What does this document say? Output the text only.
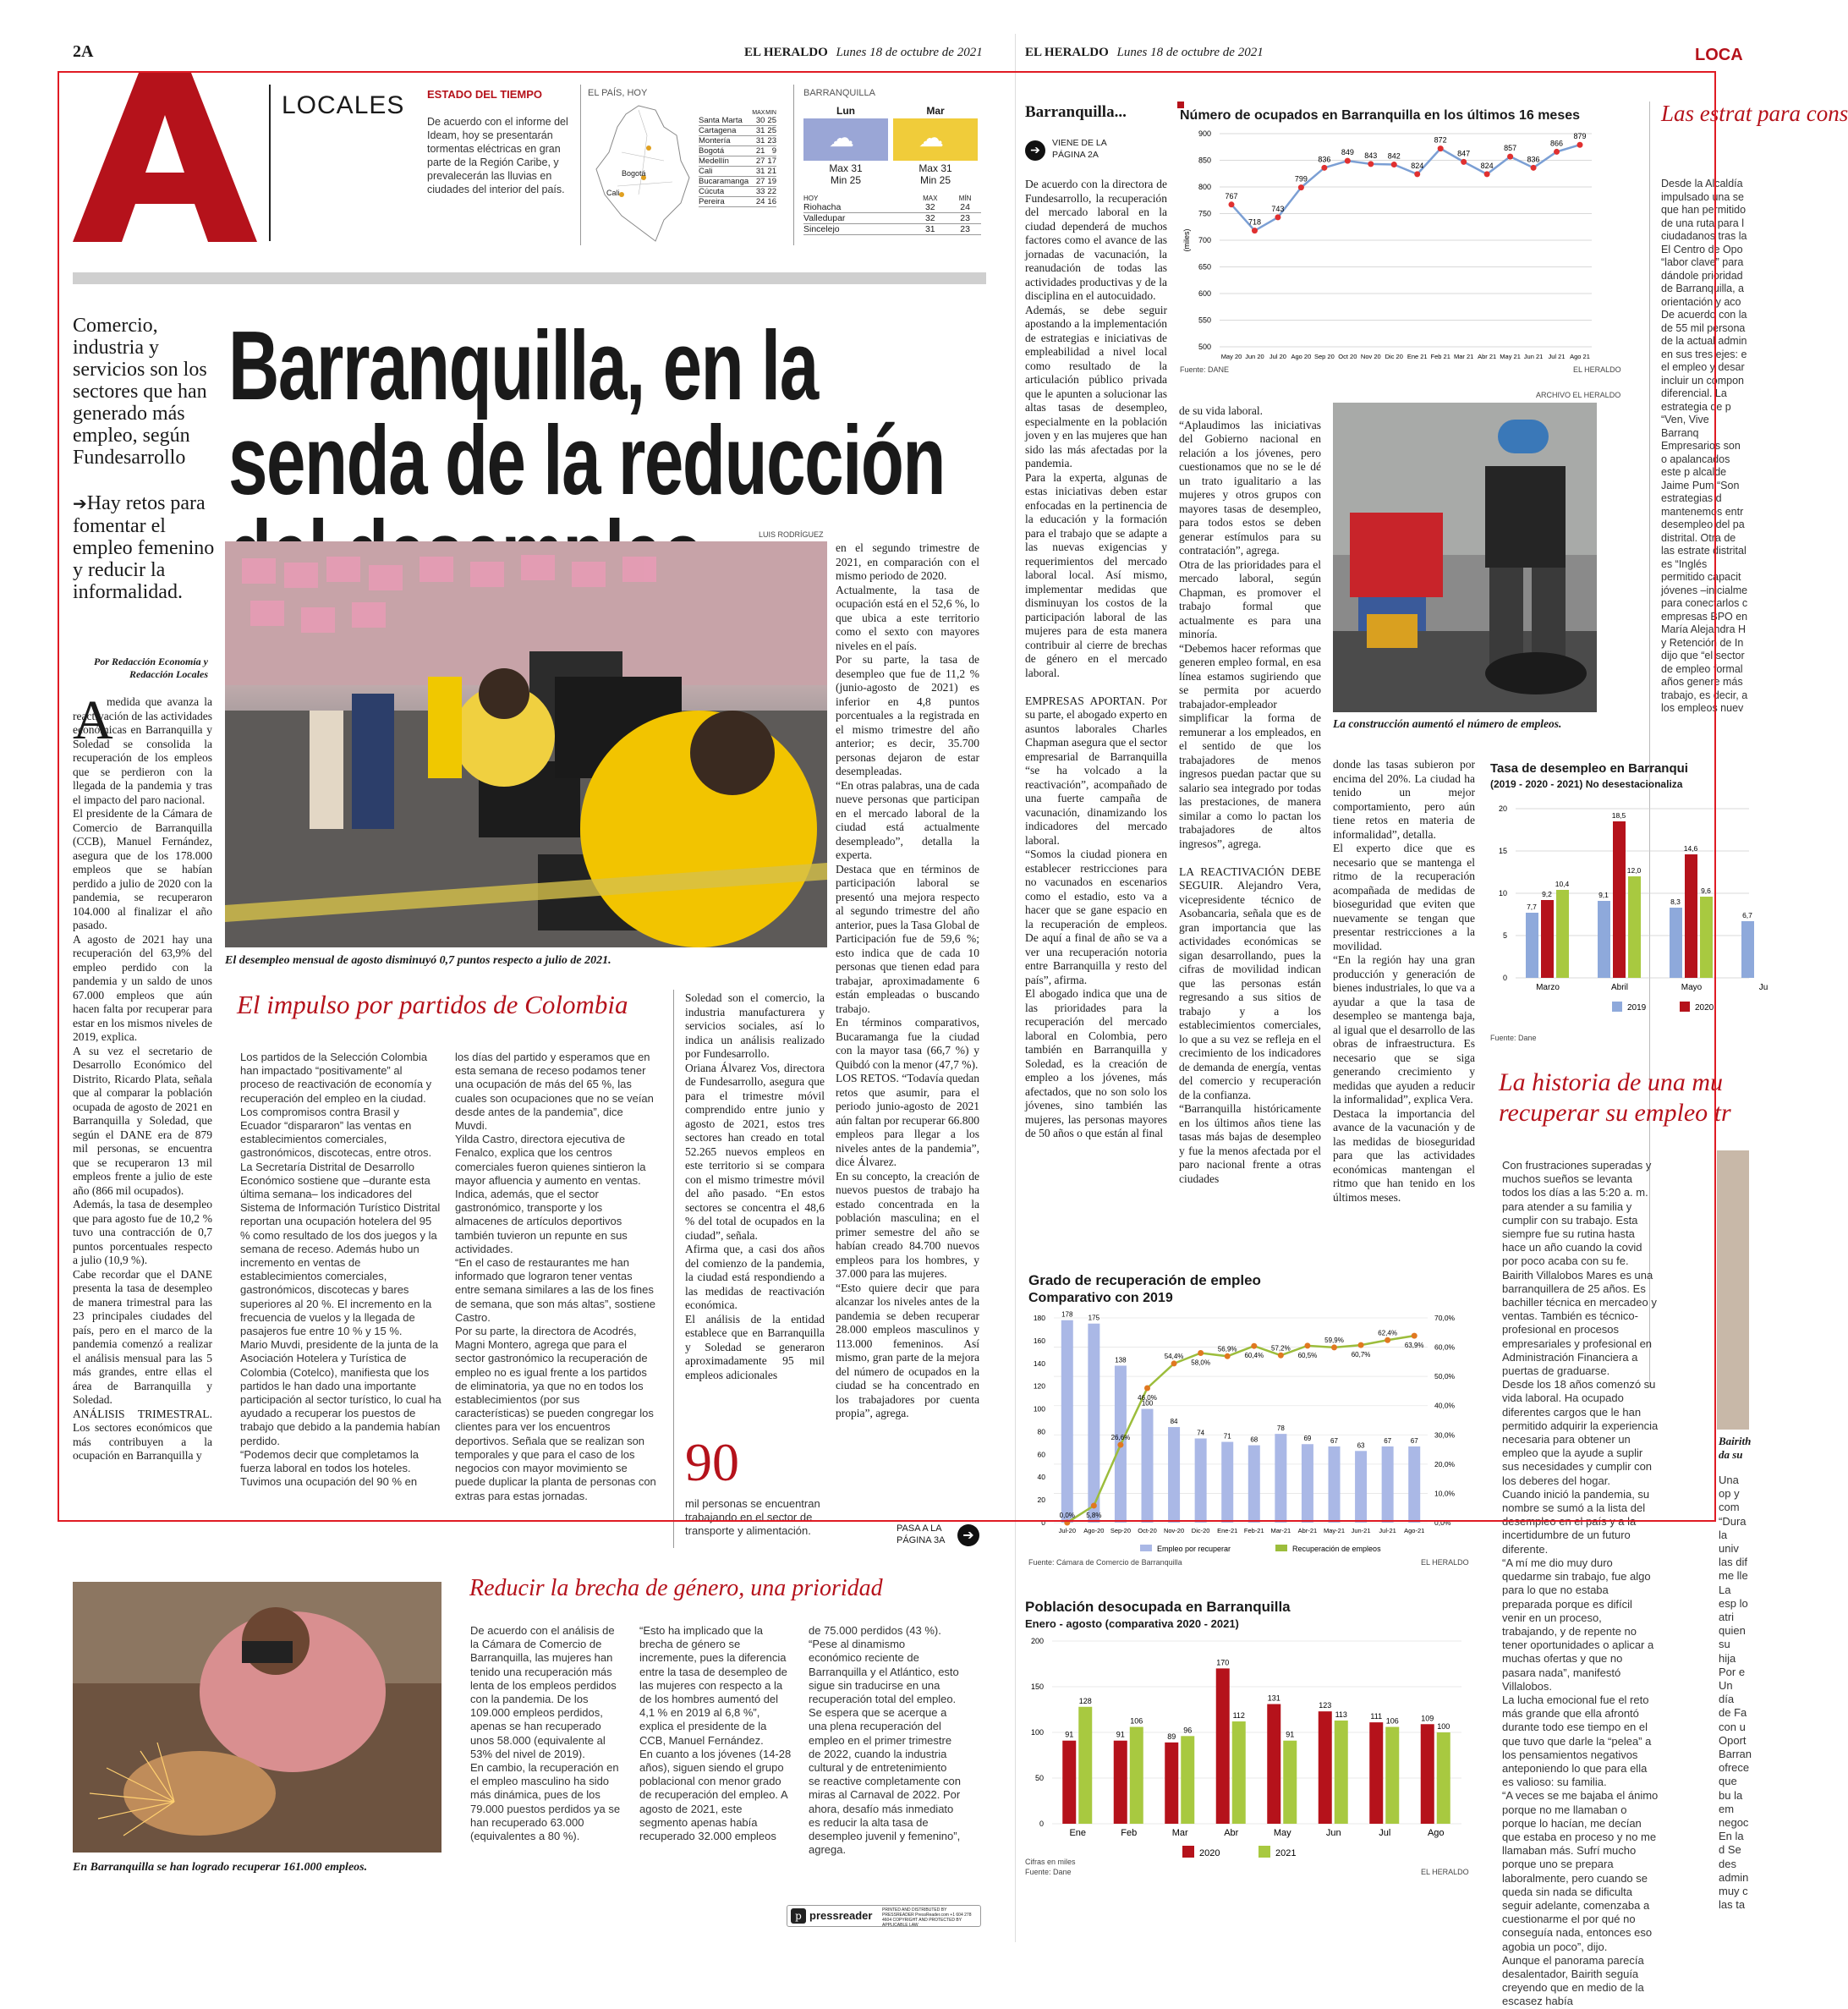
2A	EL HERALDO Lunes 18 de octubre de 2021
LOCALES ESTADO DEL TIEMPO
De acuerdo con el informe del Ideam, hoy se presentarán tormentas eléctricas en gran parte de la Región Caribe, y prevalecerán las lluvias en ciudades del interior del país.
EL PAÍS, HOY
Bogotá
Cali
	MAX	MIN
Santa Marta	30	25
Cartagena	31	25
Montería	31	23
Bogotá	21	9
Medellín	27	17
Cali	31	21
Bucaramanga	27	19
Cúcuta	33	22
Pereira	24	16
BARRANQUILLA
Lun
☁
Max 31
Min 25
Mar
☁
Max 31
Min 25
HOY	MAX	MÍN
Riohacha	32	24
Valledupar	32	23
Sincelejo	31	23
Comercio, industria y servicios son los sectores que han generado más empleo, según Fundesarrollo
➔Hay retos para fomentar el empleo femenino y reducir la informalidad.
Por Redacción Economía y Redacción Locales
Barranquilla, en la senda de la reducción
LUIS RODRÍGUEZ
El desempleo mensual de agosto disminuyó 0,7 puntos respecto a julio de 2021.
A
medida que avanza la reactivación de las actividades económicas en Barranquilla y Soledad se consolida la recuperación de los empleos que se perdieron con la llegada de la pandemia y tras el impacto del paro nacional.
El presidente de la Cámara de Comercio de Barranquilla (CCB), Manuel Fernández, asegura que de los 178.000 empleos que se habían perdido a julio de 2020 con la pandemia, se recuperaron 104.000 al finalizar el año pasado.
A agosto de 2021 hay una recuperación del 63,9% del empleo perdido con la pandemia y un saldo de unos 67.000 empleos que aún hacen falta por recuperar para estar en los mismos niveles de 2019, explica.
A su vez el secretario de Desarrollo Económico del Distrito, Ricardo Plata, señala que al comparar la población ocupada de agosto de 2021 en Barranquilla y Soledad, que según el DANE era de 879 mil personas, se encuentra que se recuperaron 13 mil empleos frente a julio de este año (866 mil ocupados).
Además, la tasa de desempleo que para agosto fue de 10,2 % tuvo una contracción de 0,7 puntos porcentuales respecto a julio (10,9 %).
Cabe recordar que el DANE presenta la tasa de desempleo de manera trimestral para las 23 principales ciudades del país, pero en el marco de la pandemia comenzó a realizar el análisis mensual para las 5 más grandes, entre ellas el área de Barranquilla y Soledad.
ANÁLISIS TRIMESTRAL. Los sectores económicos que más contribuyen a la ocupación en Barranquilla y
en el segundo trimestre de 2021, en comparación con el mismo periodo de 2020.
Actualmente, la tasa de ocupación está en el 52,6 %, lo que ubica a este territorio como el sexto con mayores niveles en el país.
Por su parte, la tasa de desempleo que fue de 11,2 % (junio-agosto de 2021) es inferior en 4,8 puntos porcentuales a la registrada en el mismo trimestre del año anterior; es decir, 35.700 personas dejaron de estar desempleadas.
“En otras palabras, una de cada nueve personas que participan en el mercado laboral de la ciudad está actualmente desempleado”, detalla la experta.
Destaca que en términos de participación laboral se presentó una mejora respecto al segundo trimestre del año anterior, pues la Tasa Global de Participación fue de 59,6 %; esto indica que de cada 10 personas que tienen edad para trabajar, aproximadamente 6 están empleadas o buscando trabajo.
En términos comparativos, Bucaramanga fue la ciudad con la mayor tasa (66,7 %) y Quibdó con la menor (47,7 %).
LOS RETOS. “Todavía quedan retos que asumir, para el periodo junio-agosto de 2021 aún faltan por recuperar 66.800 empleos para llegar a los niveles antes de la pandemia”, dice Álvarez.
En su concepto, la creación de nuevos puestos de trabajo ha estado concentrada en la población masculina; en el primer semestre del año se habían creado 84.700 nuevos empleos para los hombres, y 37.000 para las mujeres.
“Esto quiere decir que para alcanzar los niveles antes de la pandemia se deben recuperar 28.000 empleos masculinos y 113.000 femeninos. Así mismo, gran parte de la mejora del número de ocupados en la ciudad se ha concentrado en los trabajadores por cuenta propia”, agrega.
El impulso por partidos de Colombia
Los partidos de la Selección Colombia han impactado “positivamente” al proceso de reactivación de economía y recuperación del empleo en la ciudad. Los compromisos contra Brasil y Ecuador “dispararon” las ventas en establecimientos comerciales, gastronómicos, discotecas, entre otros.
La Secretaría Distrital de Desarrollo Económico sostiene que –durante esta última semana– los indicadores del Sistema de Información Turístico Distrital reportan una ocupación hotelera del 95 % como resultado de los dos juegos y la semana de receso. Además hubo un incremento en ventas de establecimientos comerciales, gastronómicos, discotecas y bares superiores al 20 %. El incremento en la frecuencia de vuelos y la llegada de pasajeros fue entre 10 % y 15 %.
Mario Muvdi, presidente de la junta de la Asociación Hotelera y Turística de Colombia (Cotelco), manifiesta que los partidos le han dado una importante participación al sector turístico, lo cual ha ayudado a recuperar los puestos de trabajo que debido a la pandemia habían perdido.
“Podemos decir que completamos la fuerza laboral en todos los hoteles. Tuvimos una ocupación del 90 % en
los días del partido y esperamos que en esta semana de receso podamos tener una ocupación de más del 65 %, las cuales son ocupaciones que no se veían desde antes de la pandemia”, dice Muvdi.
Yilda Castro, directora ejecutiva de Fenalco, explica que los centros comerciales fueron quienes sintieron la mayor afluencia y aumento en ventas. Indica, además, que el sector gastronómico, transporte y los almacenes de artículos deportivos también tuvieron un repunte en sus actividades.
“En el caso de restaurantes me han informado que lograron tener ventas entre semana similares a las de los fines de semana, que son más altas”, sostiene Castro.
Por su parte, la directora de Acodrés, Magni Montero, agrega que para el sector gastronómico la recuperación de empleo no es igual frente a los partidos de eliminatoria, ya que no en todos los establecimientos (por sus características) se pueden congregar los clientes para ver los encuentros deportivos. Señala que se realizan son temporales y que para el caso de los negocios con mayor movimiento se puede duplicar la planta de personas con extras para estas jornadas.
Soledad son el comercio, la industria manufacturera y servicios sociales, así lo indica un análisis realizado por Fundesarrollo.
Oriana Álvarez Vos, directora de Fundesarrollo, asegura que para el trimestre móvil comprendido entre junio y agosto de 2021, estos tres sectores han creado en total 52.265 nuevos empleos en este territorio si se compara con el mismo trimestre móvil del año pasado. “En estos sectores se concentra el 48,6 % del total de ocupados en la ciudad”, señala.
Afirma que, a casi dos años del comienzo de la pandemia, la ciudad está respondiendo a las medidas de reactivación económica.
El análisis de la entidad establece que en Barranquilla y Soledad se generaron aproximadamente 95 mil empleos adicionales
90
mil personas se encuentran trabajando en el sector de transporte y alimentación.	PASA A LA PÁGINA 3A	➔
En Barranquilla se han logrado recuperar 161.000 empleos.
Reducir la brecha de género, una prioridad
De acuerdo con el análisis de la Cámara de Comercio de Barranquilla, las mujeres han tenido una recuperación más lenta de los empleos perdidos con la pandemia. De los 109.000 empleos perdidos, apenas se han recuperado unos 58.000 (equivalente al 53% del nivel de 2019).
En cambio, la recuperación en el empleo masculino ha sido más dinámica, pues de los 79.000 puestos perdidos ya se han recuperado 63.000 (equivalentes a 80 %).
“Esto ha implicado que la brecha de género se incremente, pues la diferencia entre la tasa de desempleo de las mujeres con respecto a la de los hombres aumentó del 4,1 % en 2019 al 6,8 %”, explica el presidente de la CCB, Manuel Fernández.
En cuanto a los jóvenes (14-28 años), siguen siendo el grupo poblacional con menor grado de recuperación del empleo. A agosto de 2021, este segmento apenas había recuperado 32.000 empleos
de 75.000 perdidos (43 %).
“Pese al dinamismo económico reciente de Barranquilla y el Atlántico, esto sigue sin traducirse en una recuperación total del empleo. Se espera que se acerque a una plena recuperación del empleo en el primer trimestre de 2022, cuando la industria cultural y de entretenimiento se reactive completamente con miras al Carnaval de 2022. Por ahora, desafío más inmediato es reducir la alta tasa de desempleo juvenil y femenino”, agrega.
EL HERALDO Lunes 18 de octubre de 2021	LOCA
Barranquilla...
➔
VIENE DE LA PÁGINA 2A
De acuerdo con la directora de Fundesarrollo, la recuperación del mercado laboral en la ciudad dependerá de muchos factores como el avance de las jornadas de vacunación, la reanudación de todas las actividades productivas y de la disciplina en el autocuidado.
Además, se debe seguir apostando a la implementación de estrategias e iniciativas de empleabilidad a nivel local como resultado de la articulación público privada que le apunten a solucionar las altas tasas de desempleo, especialmente en la población joven y en las mujeres que han sido las más afectadas por la pandemia.
Para la experta, algunas de estas iniciativas deben estar enfocadas en la pertinencia de la educación y la formación para el trabajo que se adapte a las nuevas exigencias y requerimientos del mercado laboral local. Así mismo, implementar medidas que disminuyan los costos de la participación laboral de las mujeres para de esta manera contribuir al cierre de brechas de género en el mercado laboral.

EMPRESAS APORTAN. Por su parte, el abogado experto en asuntos laborales Charles Chapman asegura que el sector empresarial de Barranquilla “se ha volcado a la reactivación”, acompañado de una fuerte campaña de vacunación, dinamizando los indicadores del mercado laboral.
“Somos la ciudad pionera en establecer restricciones para no vacunados en escenarios como el estadio, esto va a hacer que se gane espacio en la recuperación de empleos. De aquí a final de año se va a ver una recuperación notoria entre Barranquilla y resto del país”, afirma.
El abogado indica que una de las prioridades para la recuperación del mercado laboral en Colombia, pero también en Barranquilla y Soledad, es la creación de empleo a los jóvenes, más afectados, que no son solo los jóvenes, sino también las mujeres, las personas mayores de 50 años o que están al final
de su vida laboral.
“Aplaudimos las iniciativas del Gobierno nacional en relación a los jóvenes, pero cuestionamos que no se le dé un trato igualitario a las mujeres y otros grupos con mayores tasas de desempleo, para todos estos se deben generar estímulos para su contratación”, agrega.
Otra de las prioridades para el mercado laboral, según Chapman, es promover el trabajo formal que actualmente es para una minoría.
“Debemos hacer reformas que generen empleo formal, en esa línea estamos sugiriendo que se permita por acuerdo trabajador-empleador simplificar la forma de remunerar a los empleados, en el sentido de que los trabajadores de menos ingresos puedan pactar que su salario sea integrado por todas las prestaciones, de manera similar a como lo pactan los trabajadores de altos ingresos”, agrega.

LA REACTIVACIÓN DEBE SEGUIR. Alejandro Vera, vicepresidente técnico de Asobancaria, señala que es de gran importancia que las actividades económicas se sigan desarrollando, pues la cifras de movilidad indican que las personas están regresando a sus sitios de trabajo y a los establecimientos comerciales, lo que a su vez se refleja en el crecimiento de los indicadores de demanda de energía, ventas del comercio y recuperación de la confianza.
“Barranquilla históricamente en los últimos años tiene las tasas más bajas de desempleo y fue la menos afectada por el paro nacional frente a otras ciudades
donde las tasas subieron por encima del 20%. La ciudad ha tenido un mejor comportamiento, pero aún tiene retos en materia de informalidad”, detalla.
El experto dice que es necesario que se mantenga el ritmo de la recuperación acompañada de medidas de bioseguridad que eviten que nuevamente se tengan que presentar restricciones a la movilidad.
“En la región hay una gran producción y generación de bienes industriales, lo que va a ayudar a que la tasa de desempleo se mantenga baja, al igual que el desarrollo de las obras de infraestructura. Es necesario que se siga generando crecimiento y medidas que ayuden a reducir la informalidad”, explica Vera.
Destaca la importancia del avance de la vacunación y de las medidas de bioseguridad para que las actividades económicas mantengan el ritmo que han tenido en los últimos meses.
Número de ocupados en Barranquilla en los últimos 16 meses
500
550
600
650
700
750
800
850
900
(miles)
767
718
743
799
836
849 843 842
824
872
847
824
857
836
866
879
May 20 Jun 20 Jul 20 Ago 20 Sep 20 Oct 20 Nov 20 Dic 20 Ene 21 Feb 21 Mar 21 Abr 21 May 21 Jun 21 Jul 21 Ago 21
Fuente: DANE	EL HERALDO
ARCHIVO EL HERALDO
La construcción aumentó el número de empleos.
Las estrat para cons
Desde la Alcaldía impulsado una se que han permitido de una ruta para l ciudadanos tras la El Centro de Opo “labor clave” para dándole prioridad de Barranquilla, a orientación y aco De acuerdo con la de 55 mil persona de la actual admin en sus tres ejes: e el empleo y desar incluir un compon diferencial. La estrategia de p “Ven, Vive Barranq Empresarios son o apalancados este p alcalde Jaime Pum “Son estrategias d mantenemos entr desempleo del pa distrital. Otra de las estrate distrital es “Inglés permitido capacit jóvenes –inicialme para conectarlos c empresas BPO en María Alejandra H y Retención de In dijo que “el sector de empleo formal años genere más trabajo, es decir, a los empleos nuev
Tasa de desempleo en Barranqui
(2019 - 2020 - 2021) No desestacionaliza
0
5
10
15
20
7,7
9,2
10,4
Marzo
9,1
18,5
12,0
Abril
8,3
14,6
9,6
Mayo
6,7
Ju
2019	2020
Fuente: Dane
La historia de una mu recuperar su empleo tr
Con frustraciones superadas y muchos sueños se levanta todos los días a las 5:20 a. m. para atender a su familia y cumplir con su trabajo. Esta siempre fue su rutina hasta hace un año cuando la covid por poco acaba con su fe.
Bairith Villalobos Mares es una barranquillera de 25 años. Es bachiller técnica en mercadeo y ventas. También es técnico-profesional en procesos empresariales y profesional en Administración Financiera a puertas de graduarse.
Desde los 18 años comenzó su vida laboral. Ha ocupado diferentes cargos que le han permitido adquirir la experiencia necesaria para obtener un empleo que la ayude a suplir sus necesidades y cumplir con los deberes del hogar.
Cuando inició la pandemia, su nombre se sumó a la lista del desempleo en el país y a la incertidumbre de un futuro diferente.
“A mí me dio muy duro quedarme sin trabajo, fue algo para lo que no estaba preparada porque es difícil venir en un proceso, trabajando, y de repente no tener oportunidades o aplicar a muchas ofertas y que no pasara nada”, manifestó Villalobos.
La lucha emocional fue el reto más grande que ella afrontó durante todo ese tiempo en el que tuvo que darle la “pelea” a los pensamientos negativos anteponiendo lo que para ella es valioso: su familia.
“A veces se me bajaba el ánimo porque no me llamaban o porque lo hacían, me decían que estaba en proceso y no me llamaban más. Sufrí mucho porque uno se prepara laboralmente, pero cuando se queda sin nada se dificulta seguir adelante, comenzaba a cuestionarme el por qué no conseguía nada, entonces eso agobia un poco”, dijo.
Aunque el panorama parecía desalentador, Bairith seguía creyendo que en medio de la escasez había
Bairith da su
Una op y com “Dura la univ las dif me lle La esp lo atri quien su hija Por e Un día de Fa con u Oport Barran ofrece que bu la em negoc En la d Se des admin muy c las ta
Grado de recuperación de empleo
Comparativo con 2019
0
20
40
60
80
100
120
140
160
180
0,0%
10,0%
20,0%
30,0%
40,0%
50,0%
60,0%
70,0%
178
Jul-20
175
Ago-20
138
Sep-20
100
Oct-20
84
Nov-20
74
Dic-20
71
Ene-21
68
Feb-21
78
Mar-21
69
Abr-21
67
May-21
63
Jun-21
67
Jul-21
67
Ago-21
0,0% 5,8%
26,6%
46,0%
54,4%
58,0%
56,9%
60,4%
57,2%
60,5%
59,9%
60,7%
62,4%
63,9%
Empleo por recuperar	Recuperación de empleos
Fuente: Cámara de Comercio de Barranquilla	EL HERALDO
Población desocupada en Barranquilla
Enero - agosto (comparativa 2020 - 2021)
0
50
100
150
200
91
128
Ene
91
106
Feb
89
96
Mar
170
112
Abr
131
91
May
123
113
Jun
111
106
Jul
109
100
Ago
2020	2021
Cifras en miles
Fuente: Dane	EL HERALDO
p pressreader PRINTED AND DISTRIBUTED BY PRESSREADER PressReader.com +1 604 278 4604 COPYRIGHT AND PROTECTED BY APPLICABLE LAW
